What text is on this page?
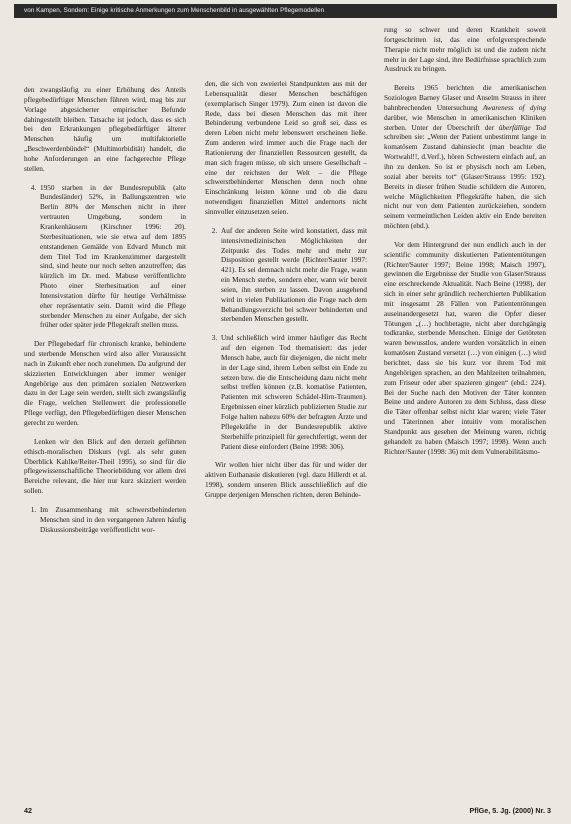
von Kampen, Sondem: Einige kritische Anmerkungen zum Menschenbild in ausgewählten Pflegemodellen

den zwangsläufig zu einer Erhöhung des Anteils pflegebedürftiger Menschen führen wird, mag bis zur Vorlage abgesicherter empirischer Befunde dahingestellt bleiben. Tatsache ist jedoch, dass es sich bei den Erkrankungen pflegebedürftiger älterer Menschen häufig um multifaktorielle „Beschwerdenbündel“ (Multimorbidität) handelt, die hohe Anforderungen an eine fachgerechte Pflege stellen.

4. 1950 starben in der Bundesrepublik (alte Bundesländer) 52%, in Ballungszentren wie Berlin 80% der Menschen nicht in ihrer vertrauten Umgebung, sondern in Krankenhäusern (Kirschner 1996: 20). Sterbesituationen, wie sie etwa auf dem 1895 entstandenen Gemälde von Edvard Munch mit dem Titel Tod im Krankenzimmer dargestellt sind, sind heute nur noch selten anzutreffen; das kürzlich im Dr. med. Mabuse veröffentlichte Photo einer Sterbesituation auf einer Intensivstation dürfte für heutige Verhältnisse eher repräsentativ sein. Damit wird die Pflege sterbender Menschen zu einer Aufgabe, der sich früher oder später jede Pflegekraft stellen muss.

Der Pflegebedarf für chronisch kranke, behinderte und sterbende Menschen wird also aller Voraussicht nach in Zukunft eher noch zunehmen. Da aufgrund der skizzierten Entwicklungen aber immer weniger Angehörige aus den primären sozialen Netzwerken dazu in der Lage sein werden, stellt sich zwangsläufig die Frage, welchen Stellenwert die professionelle Pflege verfügt, den Pflegebedürftigen dieser Menschen gerecht zu werden.

Lenken wir den Blick auf den derzeit geführten ethisch-moralischen Diskurs (vgl. als sehr guten Überblick Kahlke/Reiter-Theil 1995), so sind für die pflegewissenschaftliche Theoriebildung vor allem drei Bereiche relevant, die hier nur kurz skizziert werden sollen.

1. Im Zusammenhang mit schwerstbehinderten Menschen sind in den vergangenen Jahren häufig Diskussionsbeiträge veröffentlicht wor-

den, die sich von zweierlei Standpunkten aus mit der Lebensqualität dieser Menschen beschäftigen (exemplarisch Singer 1979). Zum einen ist davon die Rede, dass bei diesen Menschen das mit ihrer Behinderung verbundene Leid so groß sei, dass es deren Leben nicht mehr lebenswert erscheinen ließe. Zum anderen wird immer auch die Frage nach der Rationierung der finanziellen Ressourcen gestellt, da man sich fragen müsse, ob sich unsere Gesellschaft – eine der reichsten der Welt – die Pflege schwerstbehinderter Menschen denn noch ohne Einschränkung leisten könne und ob die dazu notwendigen finanziellen Mittel andernorts nicht sinnvoller einzusetzen seien.

2. Auf der anderen Seite wird konstatiert, dass mit intensivmedizinischen Möglichkeiten der Zeitpunkt des Todes mehr und mehr zur Disposition gestellt werde (Richter/Sauter 1997: 421). Es sei demnach nicht mehr die Frage, wann ein Mensch sterbe, sondern eher, wann wir bereit seien, ihn sterben zu lassen. Davon ausgehend wird in vielen Publikationen die Frage nach dem Behandlungsverzicht bei schwer behinderten und sterbenden Menschen gestellt.
3. Und schließlich wird immer häufiger das Recht auf den eigenen Tod thematisiert: das jeder Mensch habe, auch für diejenigen, die nicht mehr in der Lage sind, ihrem Leben selbst ein Ende zu setzen bzw. die die Entscheidung dazu nicht mehr selbst treffen können (z.B. komatöse Patienten, Patienten mit schweren Schädel-Hirn-Traumen). Ergebnissen einer kürzlich publizierten Studie zur Folge halten nahezu 60% der befragten Ärzte und Pflegekräfte in der Bundesrepublik aktive Sterbehilfe prinzipiell für gerechtfertigt, wenn der Patient diese einfordert (Beine 1998: 306).

Wir wollen hier nicht über das für und wider der aktiven Euthanasie diskutieren (vgl. dazu Hillerdt et al. 1998), sondern unseren Blick ausschließlich auf die Gruppe derjenigen Menschen richten, deren Behinde-

rung so schwer und deren Krankheit soweit fortgeschritten ist, das eine erfolgversprechende Therapie nicht mehr möglich ist und die zudem nicht mehr in der Lage sind, ihre Bedürfnisse sprachlich zum Ausdruck zu bringen.

Bereits 1965 berichten die amerikanischen Soziologen Barney Glaser und Anselm Strauss in ihrer bahnbrechenden Untersuchung Awareness of dying darüber, wie Menschen in amerikanischen Kliniken sterben. Unter der Überschrift der überfällige Tod schreiben sie: „Wenn der Patient unbestimmt lange in komatösem Zustand dahinsiecht (man beachte die Wortwahl!!, d.Verf.), hören Schwestern einfach auf, an ihn zu denken. So ist er physisch noch am Leben, sozial aber bereits tot“ (Glaser/Strauss 1995: 192). Bereits in dieser frühen Studie schildern die Autoren, welche Möglichkeiten Pflegekräfte haben, die sich nicht nur von dem Patienten zurückziehen, sondern seinem vermeintlichen Leiden aktiv ein Ende bereiten möchten (ebd.).

Vor dem Hintergrund der nun endlich auch in der scientific community diskutierten Patiententötungen (Richter/Sauter 1997; Beine 1998; Maisch 1997), gewinnen die Ergebnisse der Studie von Glaser/Strauss eine erschreckende Aktualität. Nach Beine (1998), der sich in einer sehr gründlich recherchierten Publikation mit insgesamt 28 Fällen von Patiententötungen auseinandergesetzt hat, waren die Opfer dieser Tötungen „(…) hochbetagte, nicht aber durchgängig todkranke, sterbende Menschen. Einige der Getöteten waren bewusstlos, andere wurden vorsätzlich in einen komatösen Zustand versetzt (…) von einigen (…) wird berichtet, dass sie bis kurz vor ihrem Tod mit Angehörigen sprachen, an den Mahlzeiten teilnahmen, zum Friseur oder aber spazieren gingen“ (ebd.: 224). Bei der Suche nach den Motiven der Täter konnten Beine und andere Autoren zu dem Schluss, dass diese die Täter offenbar selbst nicht klar waren; viele Täter und Täterinnen aber intuitiv vom moralischen Standpunkt aus gesehen der Meinung waren, richtig gehandelt zu haben (Maisch 1997; 1998). Wenn auch Richter/Sauter (1998: 36) mit dem Vulnerabilitätsmo-

42	PflGe, 5. Jg. (2000) Nr. 3
